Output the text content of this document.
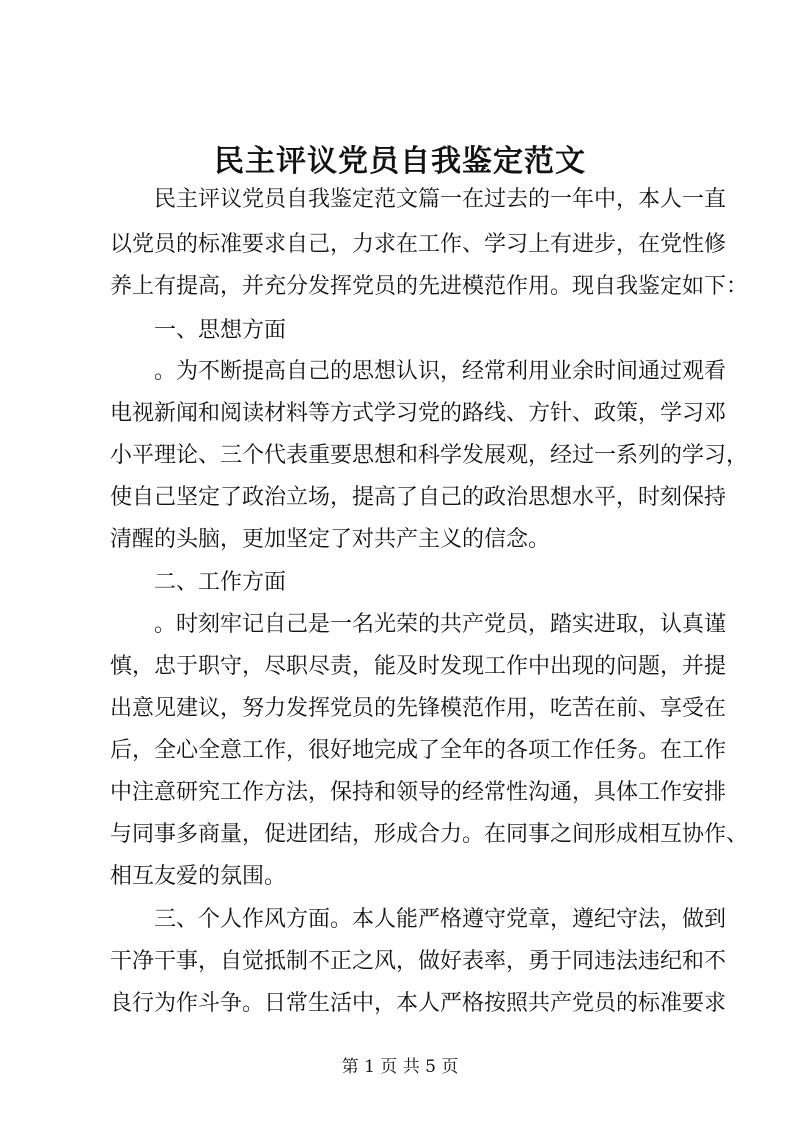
民主评议党员自我鉴定范文
民主评议党员自我鉴定范文篇一在过去的一年中，本人一直
以党员的标准要求自己，力求在工作、学习上有进步，在党性修
养上有提高，并充分发挥党员的先进模范作用。现自我鉴定如下：
一、思想方面
。为不断提高自己的思想认识，经常利用业余时间通过观看
电视新闻和阅读材料等方式学习党的路线、方针、政策，学习邓
小平理论、三个代表重要思想和科学发展观，经过一系列的学习，
使自己坚定了政治立场，提高了自己的政治思想水平，时刻保持
清醒的头脑，更加坚定了对共产主义的信念。
二、工作方面
。时刻牢记自己是一名光荣的共产党员，踏实进取，认真谨
慎，忠于职守，尽职尽责，能及时发现工作中出现的问题，并提
出意见建议，努力发挥党员的先锋模范作用，吃苦在前、享受在
后，全心全意工作，很好地完成了全年的各项工作任务。在工作
中注意研究工作方法，保持和领导的经常性沟通，具体工作安排
与同事多商量，促进团结，形成合力。在同事之间形成相互协作、
相互友爱的氛围。
三、个人作风方面。本人能严格遵守党章，遵纪守法，做到
干净干事，自觉抵制不正之风，做好表率，勇于同违法违纪和不
良行为作斗争。日常生活中，本人严格按照共产党员的标准要求
第 1 页 共 5 页
